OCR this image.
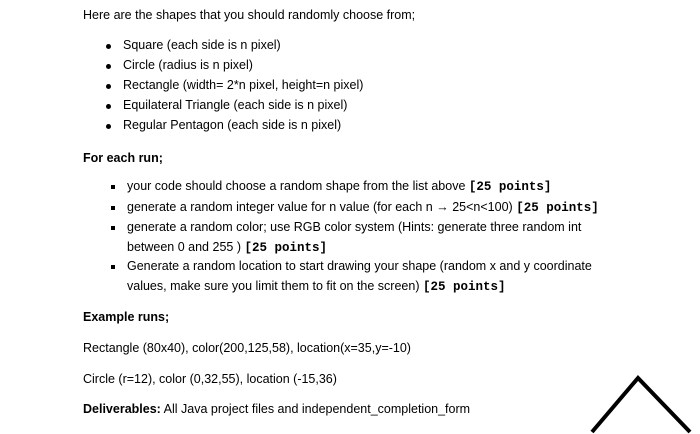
Here are the shapes that you should randomly choose from;
Square (each side is n pixel)
Circle (radius is n pixel)
Rectangle (width= 2*n pixel, height=n pixel)
Equilateral Triangle (each side is n pixel)
Regular Pentagon (each side is n pixel)
For each run;
your code should choose a random shape from the list above [25 points]
generate a random integer value for n value (for each n → 25<n<100) [25 points]
generate a random color; use RGB color system (Hints: generate three random int
between 0 and 255 ) [25 points]
Generate a random location to start drawing your shape (random x and y coordinate
values, make sure you limit them to fit on the screen) [25 points]
Example runs;
Rectangle (80x40), color(200,125,58), location(x=35,y=-10)
Circle (r=12), color (0,32,55), location (-15,36)
Deliverables: All Java project files and independent_completion_form
